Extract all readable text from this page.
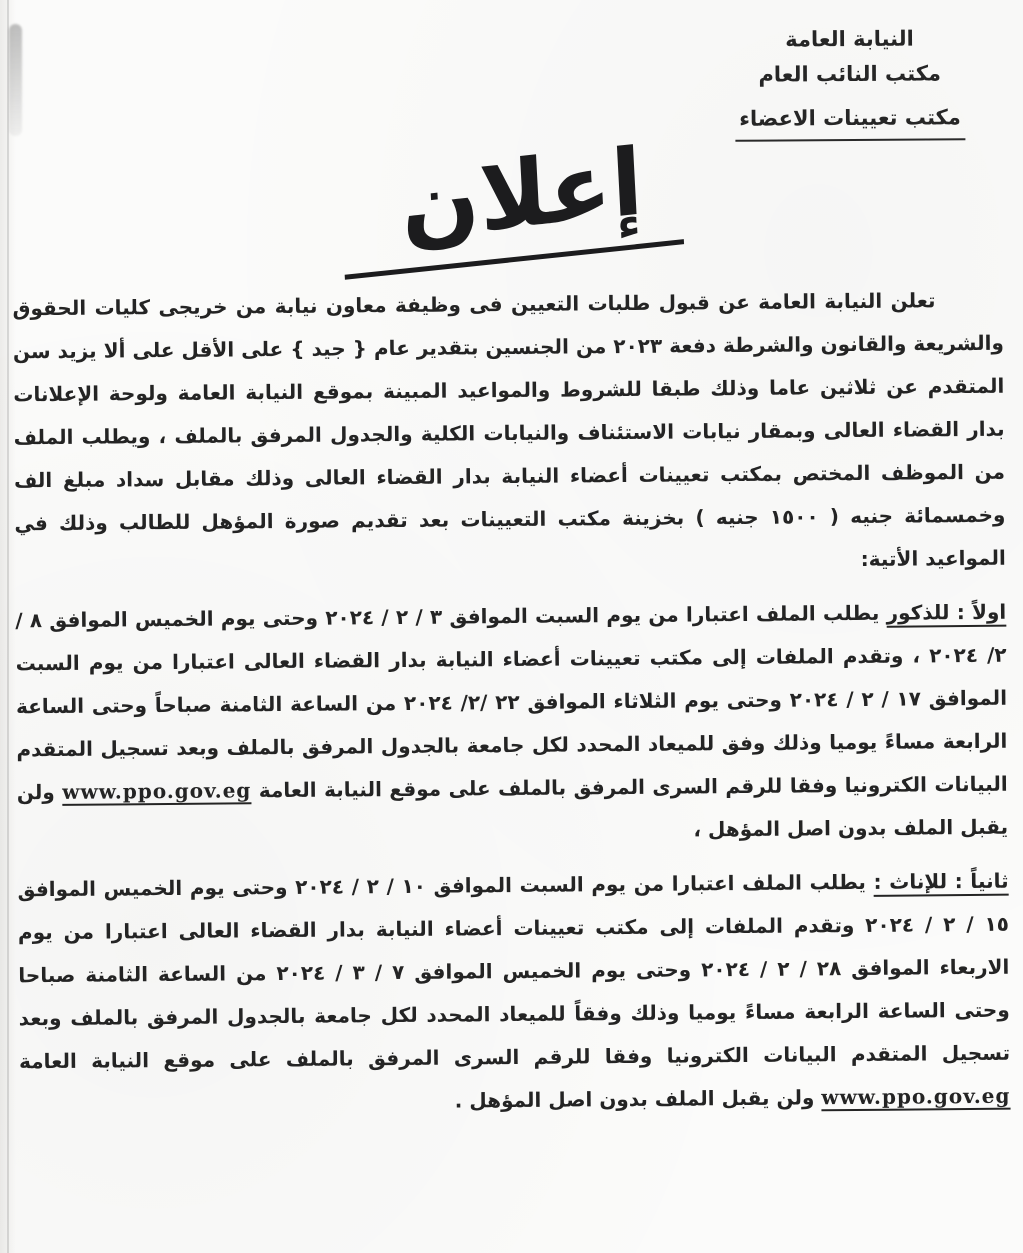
النيابة العامة
مكتب النائب العام
مكتب تعيينات الاعضاء
إعلان

تعلن النيابة العامة عن قبول طلبات التعيين فى وظيفة معاون نيابة من خريجى كليات الحقوق والشريعة والقانون والشرطة دفعة ٢٠٢٣ من الجنسين بتقدير عام { جيد } على الأقل على ألا يزيد سن المتقدم عن ثلاثين عاما وذلك طبقا للشروط والمواعيد المبينة بموقع النيابة العامة ولوحة الإعلانات بدار القضاء العالى وبمقار نيابات الاستئناف والنيابات الكلية والجدول المرفق بالملف ، ويطلب الملف من الموظف المختص بمكتب تعيينات أعضاء النيابة بدار القضاء العالى وذلك مقابل سداد مبلغ الف وخمسمائة جنيه ( ١٥٠٠ جنيه ) بخزينة مكتب التعيينات بعد تقديم صورة المؤهل للطالب وذلك في المواعيد الأتية:

اولاً : للذكور يطلب الملف اعتبارا من يوم السبت الموافق ٣ / ٢ / ٢٠٢٤ وحتى يوم الخميس الموافق ٨ /٢/ ٢٠٢٤ ، وتقدم الملفات إلى مكتب تعيينات أعضاء النيابة بدار القضاء العالى اعتبارا من يوم السبت الموافق ١٧ / ٢ / ٢٠٢٤ وحتى يوم الثلاثاء الموافق ٢٢ /٢/ ٢٠٢٤ من الساعة الثامنة صباحاً وحتى الساعة الرابعة مساءً يوميا وذلك وفق للميعاد المحدد لكل جامعة بالجدول المرفق بالملف وبعد تسجيل المتقدم البيانات الكترونيا وفقا للرقم السرى المرفق بالملف على موقع النيابة العامة www.ppo.gov.eg ولن يقبل الملف بدون اصل المؤهل ،

ثانياً : للإناث : يطلب الملف اعتبارا من يوم السبت الموافق ١٠ / ٢ / ٢٠٢٤ وحتى يوم الخميس الموافق ١٥ / ٢ / ٢٠٢٤ وتقدم الملفات إلى مكتب تعيينات أعضاء النيابة بدار القضاء العالى اعتبارا من يوم الاربعاء الموافق ٢٨ / ٢ / ٢٠٢٤ وحتى يوم الخميس الموافق ٧ / ٣ / ٢٠٢٤ من الساعة الثامنة صباحا وحتى الساعة الرابعة مساءً يوميا وذلك وفقاً للميعاد المحدد لكل جامعة بالجدول المرفق بالملف وبعد تسجيل المتقدم البيانات الكترونيا وفقا للرقم السرى المرفق بالملف على موقع النيابة العامة www.ppo.gov.eg ولن يقبل الملف بدون اصل المؤهل .
